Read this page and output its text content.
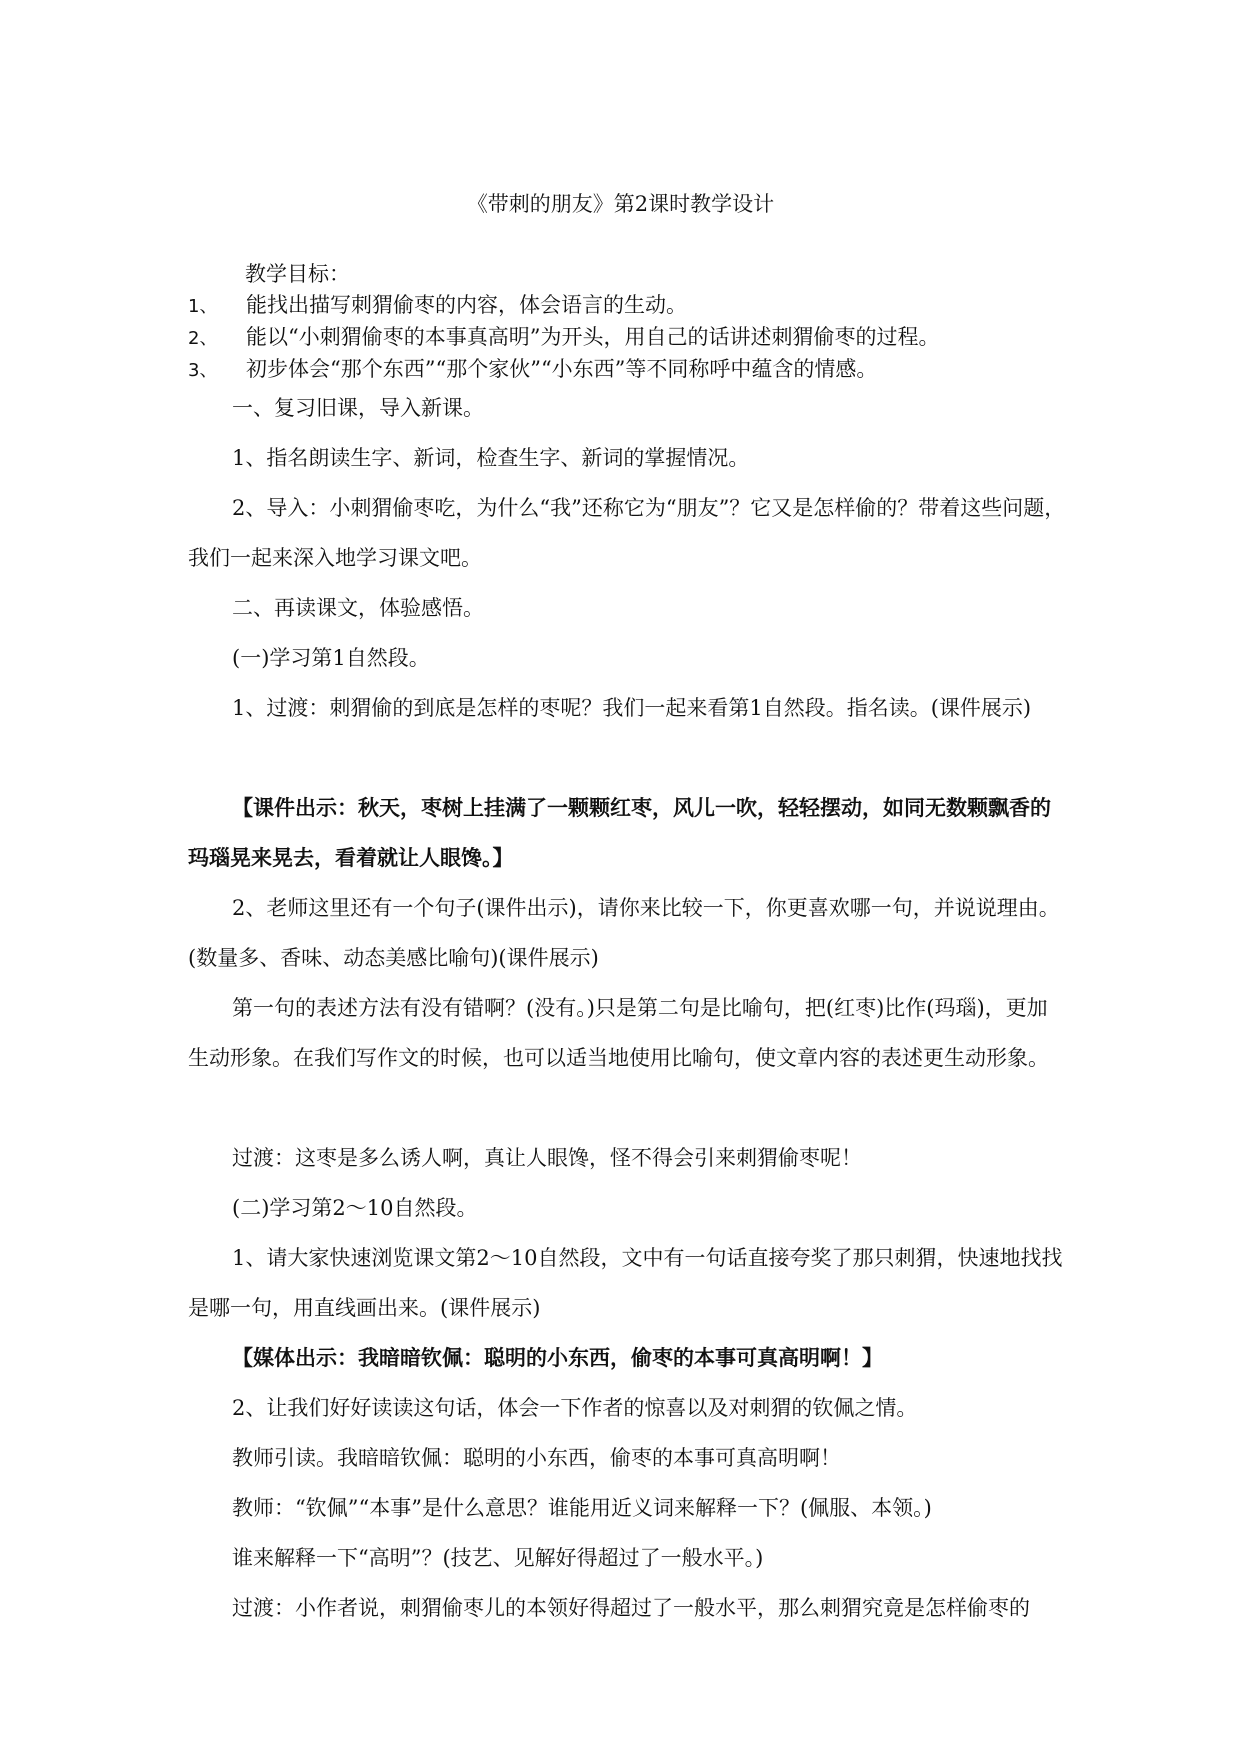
《带刺的朋友》第2课时教学设计
教学目标：
1、 能找出描写刺猬偷枣的内容，体会语言的生动。
2、 能以“小刺猬偷枣的本事真高明”为开头，用自己的话讲述刺猬偷枣的过程。
3、 初步体会“那个东西”“那个家伙”“小东西”等不同称呼中蕴含的情感。
一、复习旧课，导入新课。
1、指名朗读生字、新词，检查生字、新词的掌握情况。
2、导入：小刺猬偷枣吃，为什么“我”还称它为“朋友”？它又是怎样偷的？带着这些问题，我们一起来深入地学习课文吧。
二、再读课文，体验感悟。
(一)学习第1自然段。
1、过渡：刺猬偷的到底是怎样的枣呢？我们一起来看第1自然段。指名读。(课件展示)
【课件出示：秋天，枣树上挂满了一颗颗红枣，风儿一吹，轻轻摆动，如同无数颗飘香的玛瑙晃来晃去，看着就让人眼馋。】
2、老师这里还有一个句子(课件出示)，请你来比较一下，你更喜欢哪一句，并说说理由。(数量多、香味、动态美感比喻句)(课件展示)
第一句的表述方法有没有错啊？(没有。)只是第二句是比喻句，把(红枣)比作(玛瑙)，更加生动形象。在我们写作文的时候，也可以适当地使用比喻句，使文章内容的表述更生动形象。
过渡：这枣是多么诱人啊，真让人眼馋，怪不得会引来刺猬偷枣呢！
(二)学习第2～10自然段。
1、请大家快速浏览课文第2～10自然段，文中有一句话直接夸奖了那只刺猬，快速地找找是哪一句，用直线画出来。(课件展示)
【媒体出示：我暗暗钦佩：聪明的小东西，偷枣的本事可真高明啊！】
2、让我们好好读读这句话，体会一下作者的惊喜以及对刺猬的钦佩之情。
教师引读。我暗暗钦佩：聪明的小东西，偷枣的本事可真高明啊！
教师：“钦佩”“本事”是什么意思？谁能用近义词来解释一下？(佩服、本领。)
谁来解释一下“高明”？(技艺、见解好得超过了一般水平。)
过渡：小作者说，刺猬偷枣儿的本领好得超过了一般水平，那么刺猬究竟是怎样偷枣的
